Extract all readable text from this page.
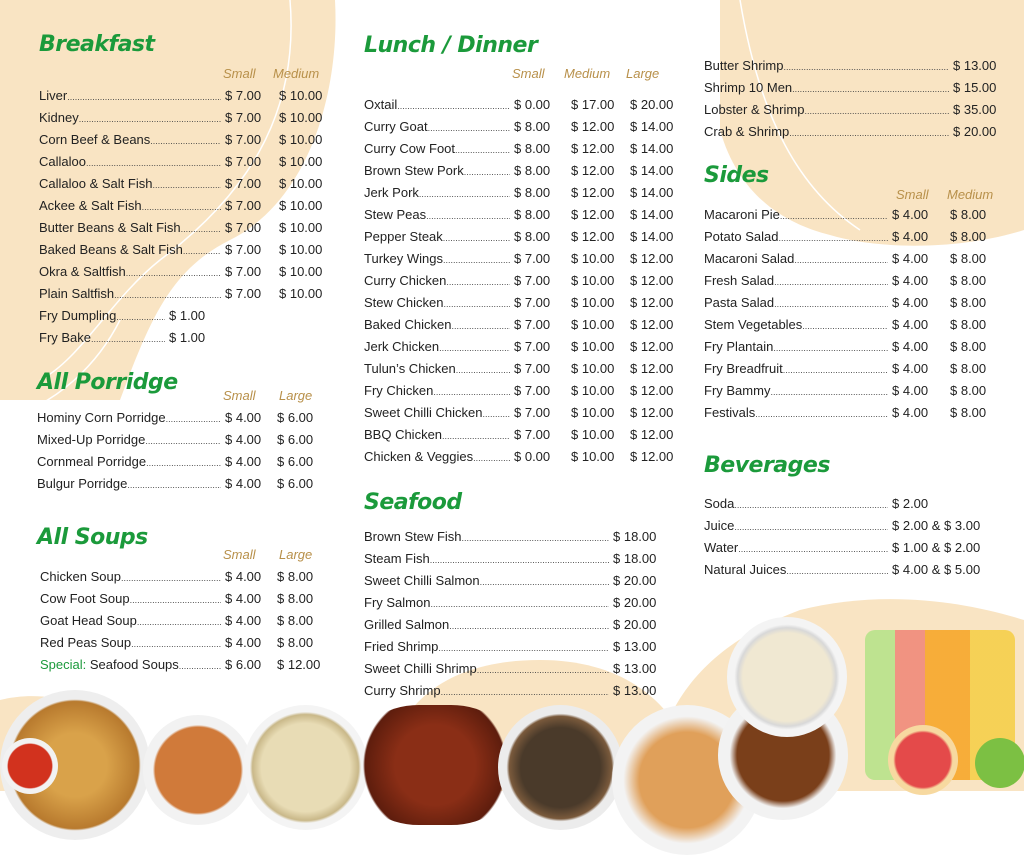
Breakfast
Small Medium
Liver .....	$ 7.00	$ 10.00
Kidney .....	$ 7.00	$ 10.00
Corn Beef & Beans .....	$ 7.00	$ 10.00
Callaloo .....	$ 7.00	$ 10.00
Callaloo & Salt Fish .....	$ 7.00	$ 10.00
Ackee & Salt Fish .....	$ 7.00	$ 10.00
Butter Beans & Salt Fish .....	$ 7.00	$ 10.00
Baked Beans & Salt Fish .....	$ 7.00	$ 10.00
Okra & Saltfish .....	$ 7.00	$ 10.00
Plain Saltfish .....	$ 7.00	$ 10.00
Fry Dumpling .....	$ 1.00
Fry Bake .....	$ 1.00
All Porridge
Small Large
Hominy Corn Porridge .....	$ 4.00	$ 6.00
Mixed-Up Porridge .....	$ 4.00	$ 6.00
Cornmeal Porridge .....	$ 4.00	$ 6.00
Bulgur Porridge .....	$ 4.00	$ 6.00
All Soups
Small Large
Chicken Soup .....	$ 4.00	$ 8.00
Cow Foot Soup .....	$ 4.00	$ 8.00
Goat Head Soup .....	$ 4.00	$ 8.00
Red Peas Soup .....	$ 4.00	$ 8.00
Special: Seafood Soups .....	$ 6.00	$ 12.00
Lunch / Dinner
Small Medium Large
Oxtail .....	$ 0.00	$ 17.00	$ 20.00
Curry Goat .....	$ 8.00	$ 12.00	$ 14.00
Curry Cow Foot .....	$ 8.00	$ 12.00	$ 14.00
Brown Stew Pork .....	$ 8.00	$ 12.00	$ 14.00
Jerk Pork .....	$ 8.00	$ 12.00	$ 14.00
Stew Peas .....	$ 8.00	$ 12.00	$ 14.00
Pepper Steak .....	$ 8.00	$ 12.00	$ 14.00
Turkey Wings .....	$ 7.00	$ 10.00	$ 12.00
Curry Chicken .....	$ 7.00	$ 10.00	$ 12.00
Stew Chicken .....	$ 7.00	$ 10.00	$ 12.00
Baked Chicken .....	$ 7.00	$ 10.00	$ 12.00
Jerk Chicken .....	$ 7.00	$ 10.00	$ 12.00
Tulun’s Chicken .....	$ 7.00	$ 10.00	$ 12.00
Fry Chicken .....	$ 7.00	$ 10.00	$ 12.00
Sweet Chilli Chicken .....	$ 7.00	$ 10.00	$ 12.00
BBQ Chicken .....	$ 7.00	$ 10.00	$ 12.00
Chicken & Veggies .....	$ 0.00	$ 10.00	$ 12.00
Seafood
Brown Stew Fish .....	$ 18.00
Steam Fish .....	$ 18.00
Sweet Chilli Salmon .....	$ 20.00
Fry Salmon .....	$ 20.00
Grilled Salmon .....	$ 20.00
Fried Shrimp .....	$ 13.00
Sweet Chilli Shrimp .....	$ 13.00
Curry Shrimp .....	$ 13.00
Butter Shrimp .....	$ 13.00
Shrimp 10 Men .....	$ 15.00
Lobster & Shrimp .....	$ 35.00
Crab & Shrimp .....	$ 20.00
Sides
Small Medium
Macaroni Pie .....	$ 4.00	$ 8.00
Potato Salad .....	$ 4.00	$ 8.00
Macaroni Salad .....	$ 4.00	$ 8.00
Fresh Salad .....	$ 4.00	$ 8.00
Pasta Salad .....	$ 4.00	$ 8.00
Stem Vegetables .....	$ 4.00	$ 8.00
Fry Plantain .....	$ 4.00	$ 8.00
Fry Breadfruit .....	$ 4.00	$ 8.00
Fry Bammy .....	$ 4.00	$ 8.00
Festivals .....	$ 4.00	$ 8.00
Beverages
Soda .....	$ 2.00
Juice .....	$ 2.00 & $ 3.00
Water .....	$ 1.00 & $ 2.00
Natural Juices .....	$ 4.00 & $ 5.00
